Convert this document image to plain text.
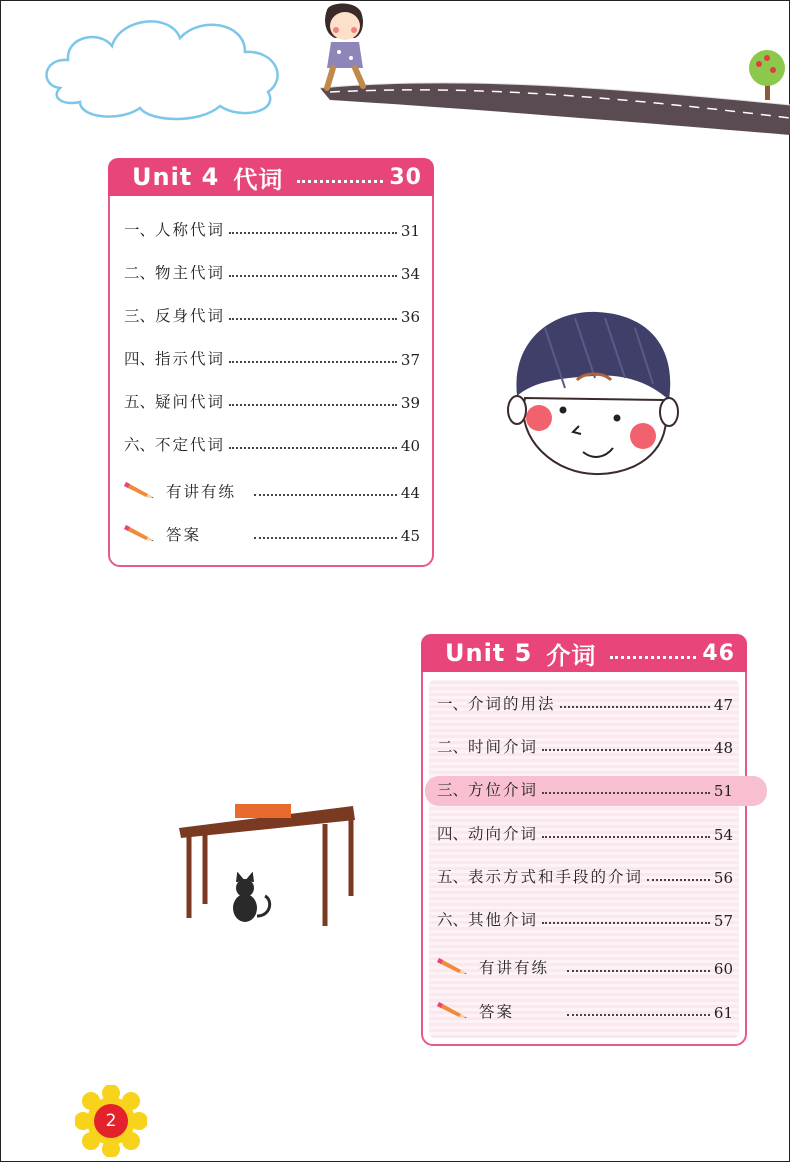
Unit 4 代词	30
一、 人称代词	31
二、 物主代词	34
三、 反身代词	36
四、 指示代词	37
五、 疑问代词	39
六、 不定代词	40
有讲有练	44
答案	45
Unit 5 介词	46
一、 介词的用法	47
二、 时间介词	48
三、 方位介词	51
四、 动向介词	54
五、 表示方式和手段的介词	56
六、 其他介词	57
有讲有练	60
答案	61
2
